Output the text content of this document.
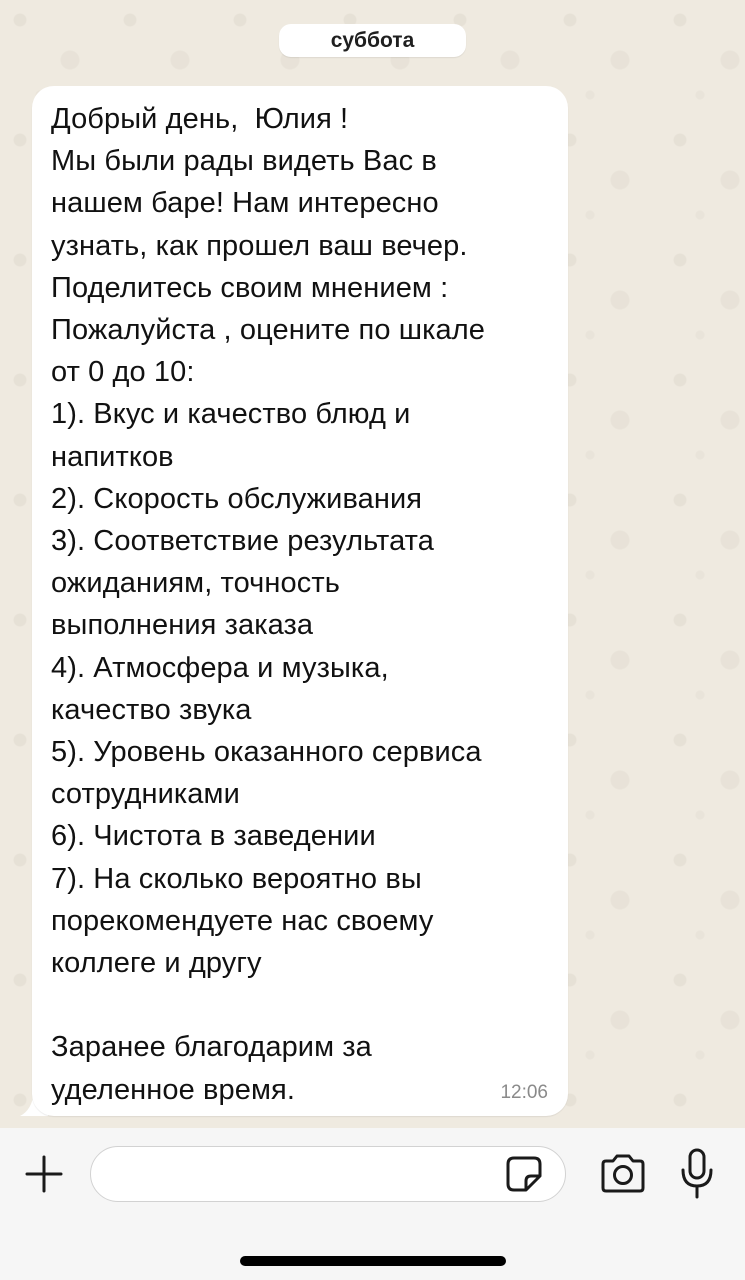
суббота
Добрый день,  Юлия !
Мы были рады видеть Вас в
нашем баре! Нам интересно
узнать, как прошел ваш вечер.
Поделитесь своим мнением :
Пожалуйста , оцените по шкале
от 0 до 10:
1). Вкус и качество блюд и
напитков
2). Скорость обслуживания
3). Соответствие результата
ожиданиям, точность
выполнения заказа
4). Атмосфера и музыка,
качество звука
5). Уровень оказанного сервиса
сотрудниками
6). Чистота в заведении
7). На сколько вероятно вы
порекомендуете нас своему
коллеге и другу

Заранее благодарим за
уделенное время.	12:06
